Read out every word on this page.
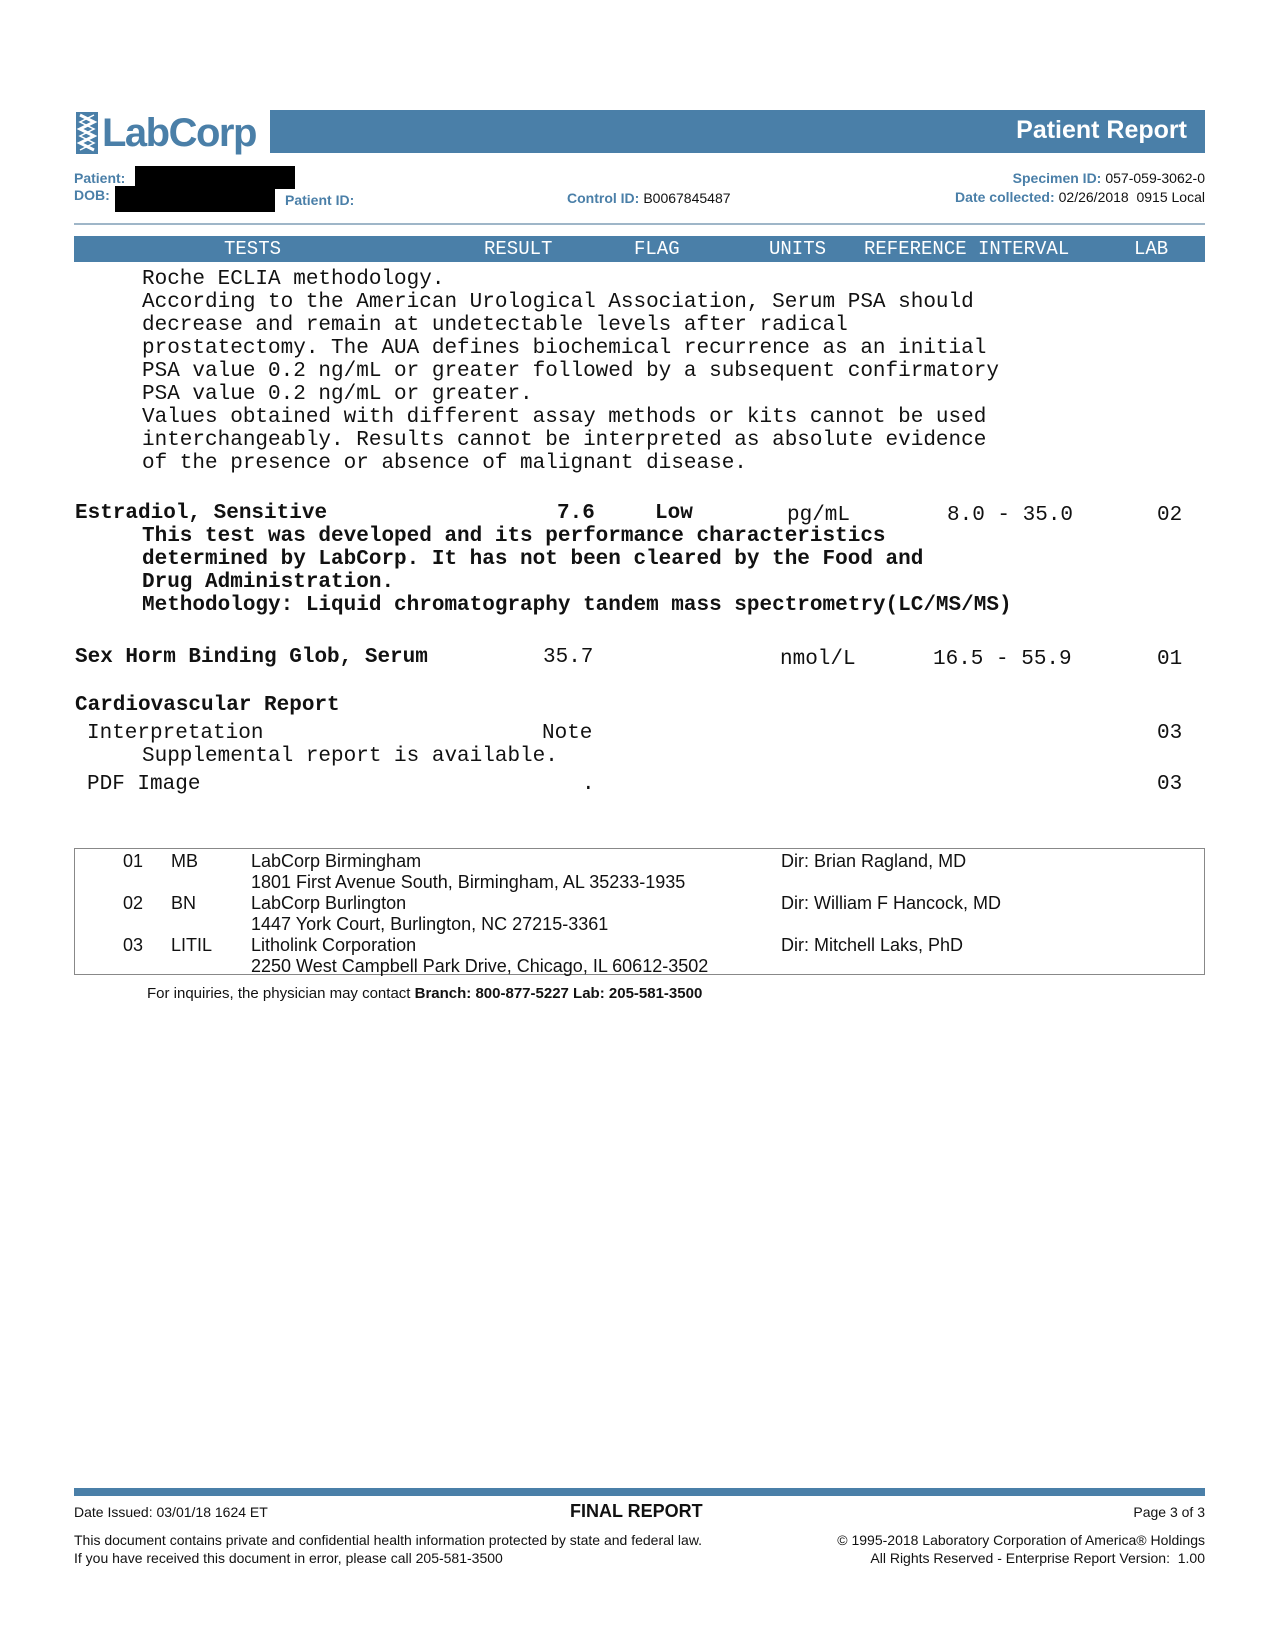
LabCorp	Patient Report
Patient:
DOB:	Patient ID:	Control ID: B0067845487
Specimen ID: 057-059-3062-0
Date collected: 02/26/2018  0915 Local
TESTS	RESULT	FLAG	UNITS REFERENCE INTERVAL	LAB
Roche ECLIA methodology.
According to the American Urological Association, Serum PSA should
decrease and remain at undetectable levels after radical
prostatectomy. The AUA defines biochemical recurrence as an initial
PSA value 0.2 ng/mL or greater followed by a subsequent confirmatory
PSA value 0.2 ng/mL or greater.
Values obtained with different assay methods or kits cannot be used
interchangeably. Results cannot be interpreted as absolute evidence
of the presence or absence of malignant disease.
Estradiol, Sensitive	7.6	Low	pg/mL	8.0 - 35.0	02
This test was developed and its performance characteristics
determined by LabCorp. It has not been cleared by the Food and
Drug Administration.
Methodology: Liquid chromatography tandem mass spectrometry(LC/MS/MS)
Sex Horm Binding Glob, Serum	35.7	nmol/L	16.5 - 55.9	01
Cardiovascular Report
Interpretation	Note	03
Supplemental report is available.
PDF Image	.	03
01 MB	LabCorp Birmingham
1801 First Avenue South, Birmingham, AL 35233-1935
Dir: Brian Ragland, MD
02 BN	LabCorp Burlington
1447 York Court, Burlington, NC 27215-3361
Dir: William F Hancock, MD
03 LITIL Litholink Corporation
2250 West Campbell Park Drive, Chicago, IL 60612-3502
Dir: Mitchell Laks, PhD
For inquiries, the physician may contact Branch: 800-877-5227 Lab: 205-581-3500
Date Issued: 03/01/18 1624 ET	FINAL REPORT	Page 3 of 3
This document contains private and confidential health information protected by state and federal law.
If you have received this document in error, please call 205-581-3500
© 1995-2018 Laboratory Corporation of America® Holdings
All Rights Reserved - Enterprise Report Version:  1.00
